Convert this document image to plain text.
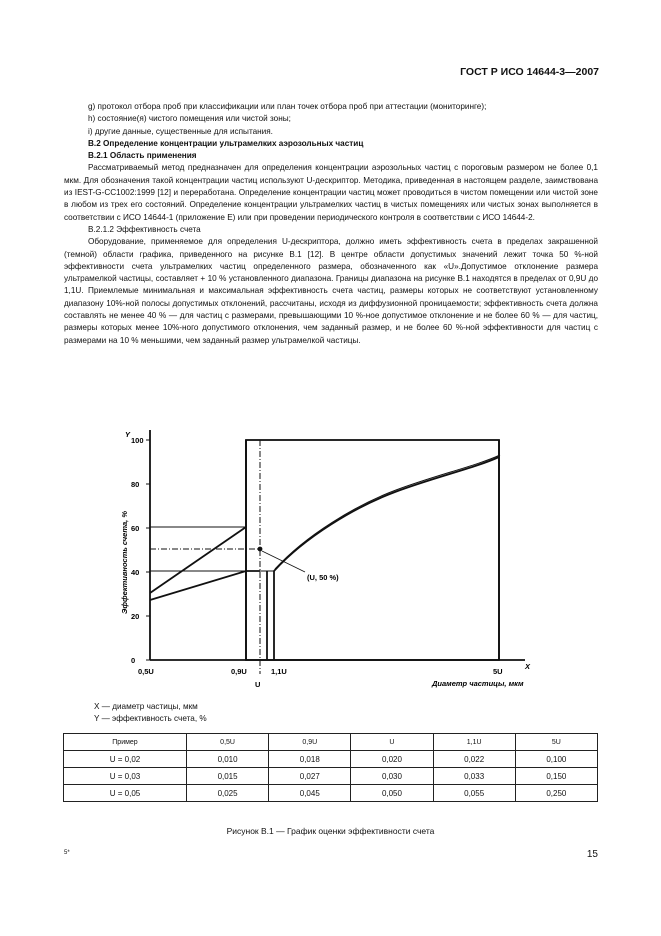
ГОСТ Р ИСО 14644-3—2007

g) протокол отбора проб при классификации или план точек отбора проб при аттестации (мониторинге);

h) состояние(я) чистого помещения или чистой зоны;

i) другие данные, существенные для испытания.

В.2 Определение концентрации ультрамелких аэрозольных частиц

В.2.1 Область применения

Рассматриваемый метод предназначен для определения концентрации аэрозольных частиц с пороговым размером не более 0,1 мкм. Для обозначения такой концентрации частиц используют U-дескриптор. Методика, приведенная в настоящем разделе, заимствована из IEST-G-CC1002:1999 [12] и переработана. Определение концентрации частиц может проводиться в чистом помещении или чистой зоне в любом из трех его состояний. Определение концентрации ультрамелких частиц в чистых помещениях или чистых зонах выполняется в соответствии с ИСО 14644-1 (приложение Е) или при проведении периодического контроля в соответствии с ИСО 14644-2.

В.2.1.2 Эффективность счета

Оборудование, применяемое для определения U-дескриптора, должно иметь эффективность счета в пределах закрашенной (темной) области графика, приведенного на рисунке В.1 [12]. В центре области допустимых значений лежит точка 50 %-ной эффективности счета ультрамелких частиц определенного размера, обозначенного как «U».Допустимое отклонение размера ультрамелкой частицы, составляет + 10 % установленного диапазона. Границы диапазона на рисунке В.1 находятся в пределах от 0,9U до 1,1U. Приемлемые минимальная и максимальная эффективность счета частиц, размеры которых не соответствуют установленному диапазону 10%-ной полосы допустимых отклонений, рассчитаны, исходя из диффузионной проницаемости; эффективность счета должна составлять не менее 40 % — для частиц с размерами, превышающими 10 %-ное допустимое отклонение и не более 60 % — для частиц, размеры которых менее 10%-ного допустимого отклонения, чем заданный размер, и не более 60 %-ной эффективности для частиц с размерами на 10 % меньшими, чем заданный размер ультрамелкой частицы.

0
20
40
60
80
100
0,5U	0,9U	1,1U	5U
U
X
Диаметр частицы, мкм
Y
Эффективность счета, %	(U, 50 %)
X — диаметр частицы, мкм
Y — эффективность счета, %
Пример	0,5U	0,9U	U	1,1U	5U
U = 0,02	0,010	0,018	0,020	0,022	0,100
U = 0,03	0,015	0,027	0,030	0,033	0,150
U = 0,05	0,025	0,045	0,050	0,055	0,250
Рисунок В.1 — График оценки эффективности счета
5*	15
